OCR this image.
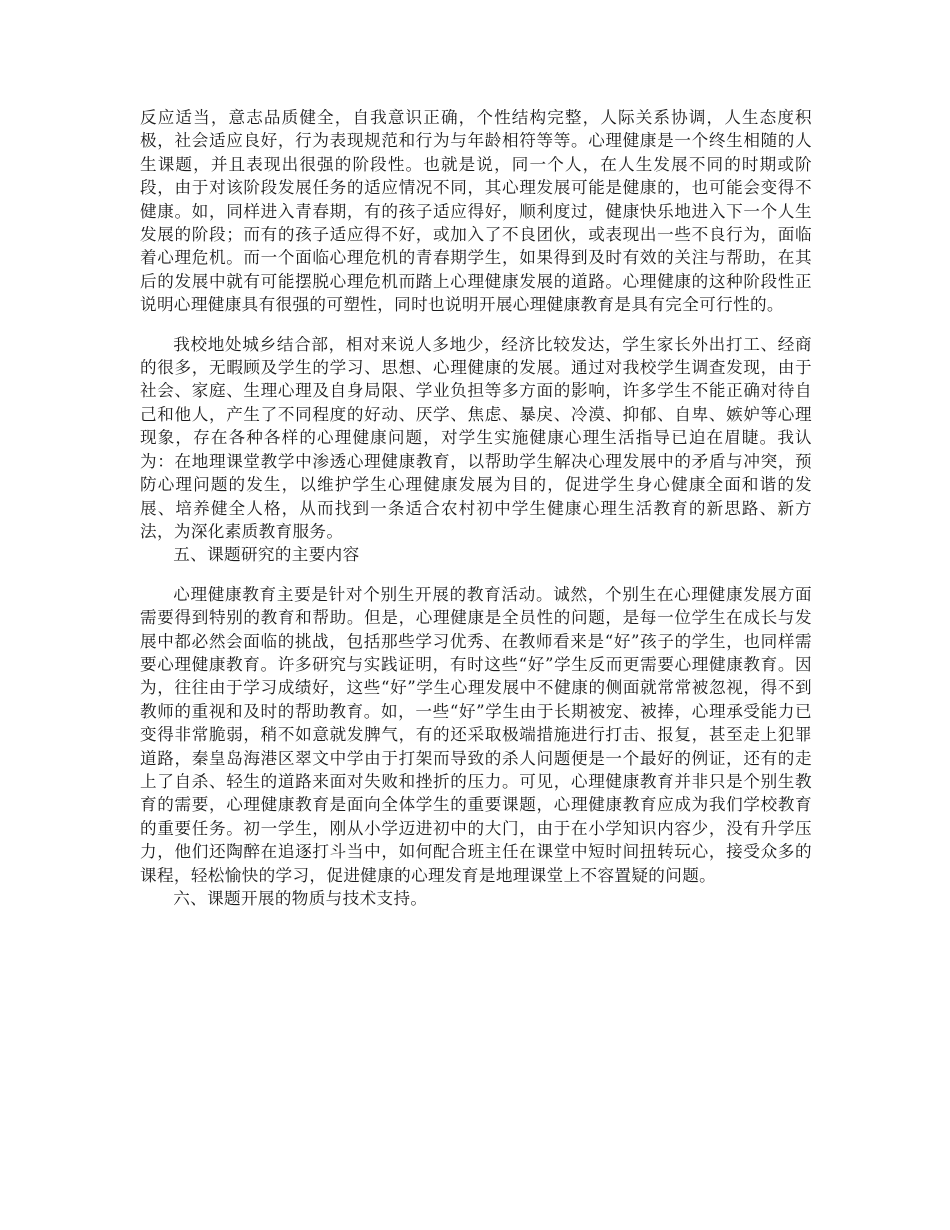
反应适当，意志品质健全，自我意识正确，个性结构完整，人际关系协调，人生态度积极，社会适应良好，行为表现规范和行为与年龄相符等等。心理健康是一个终生相随的人生课题，并且表现出很强的阶段性。也就是说，同一个人，在人生发展不同的时期或阶段，由于对该阶段发展任务的适应情况不同，其心理发展可能是健康的，也可能会变得不健康。如，同样进入青春期，有的孩子适应得好，顺利度过，健康快乐地进入下一个人生发展的阶段；而有的孩子适应得不好，或加入了不良团伙，或表现出一些不良行为，面临着心理危机。而一个面临心理危机的青春期学生，如果得到及时有效的关注与帮助，在其后的发展中就有可能摆脱心理危机而踏上心理健康发展的道路。心理健康的这种阶段性正说明心理健康具有很强的可塑性，同时也说明开展心理健康教育是具有完全可行性的。

我校地处城乡结合部，相对来说人多地少，经济比较发达，学生家长外出打工、经商的很多，无暇顾及学生的学习、思想、心理健康的发展。通过对我校学生调查发现，由于社会、家庭、生理心理及自身局限、学业负担等多方面的影响，许多学生不能正确对待自己和他人，产生了不同程度的好动、厌学、焦虑、暴戾、冷漠、抑郁、自卑、嫉妒等心理现象，存在各种各样的心理健康问题，对学生实施健康心理生活指导已迫在眉睫。我认为：在地理课堂教学中渗透心理健康教育，以帮助学生解决心理发展中的矛盾与冲突，预防心理问题的发生，以维护学生心理健康发展为目的，促进学生身心健康全面和谐的发展、培养健全人格，从而找到一条适合农村初中学生健康心理生活教育的新思路、新方法，为深化素质教育服务。

五、课题研究的主要内容

心理健康教育主要是针对个别生开展的教育活动。诚然，个别生在心理健康发展方面需要得到特别的教育和帮助。但是，心理健康是全员性的问题，是每一位学生在成长与发展中都必然会面临的挑战，包括那些学习优秀、在教师看来是“好”孩子的学生，也同样需要心理健康教育。许多研究与实践证明，有时这些“好”学生反而更需要心理健康教育。因为，往往由于学习成绩好，这些“好”学生心理发展中不健康的侧面就常常被忽视，得不到教师的重视和及时的帮助教育。如，一些“好”学生由于长期被宠、被捧，心理承受能力已变得非常脆弱，稍不如意就发脾气，有的还采取极端措施进行打击、报复，甚至走上犯罪道路，秦皇岛海港区翠文中学由于打架而导致的杀人问题便是一个最好的例证，还有的走上了自杀、轻生的道路来面对失败和挫折的压力。可见，心理健康教育并非只是个别生教育的需要，心理健康教育是面向全体学生的重要课题，心理健康教育应成为我们学校教育的重要任务。初一学生，刚从小学迈进初中的大门，由于在小学知识内容少，没有升学压力，他们还陶醉在追逐打斗当中，如何配合班主任在课堂中短时间扭转玩心，接受众多的课程，轻松愉快的学习，促进健康的心理发育是地理课堂上不容置疑的问题。

六、课题开展的物质与技术支持。
